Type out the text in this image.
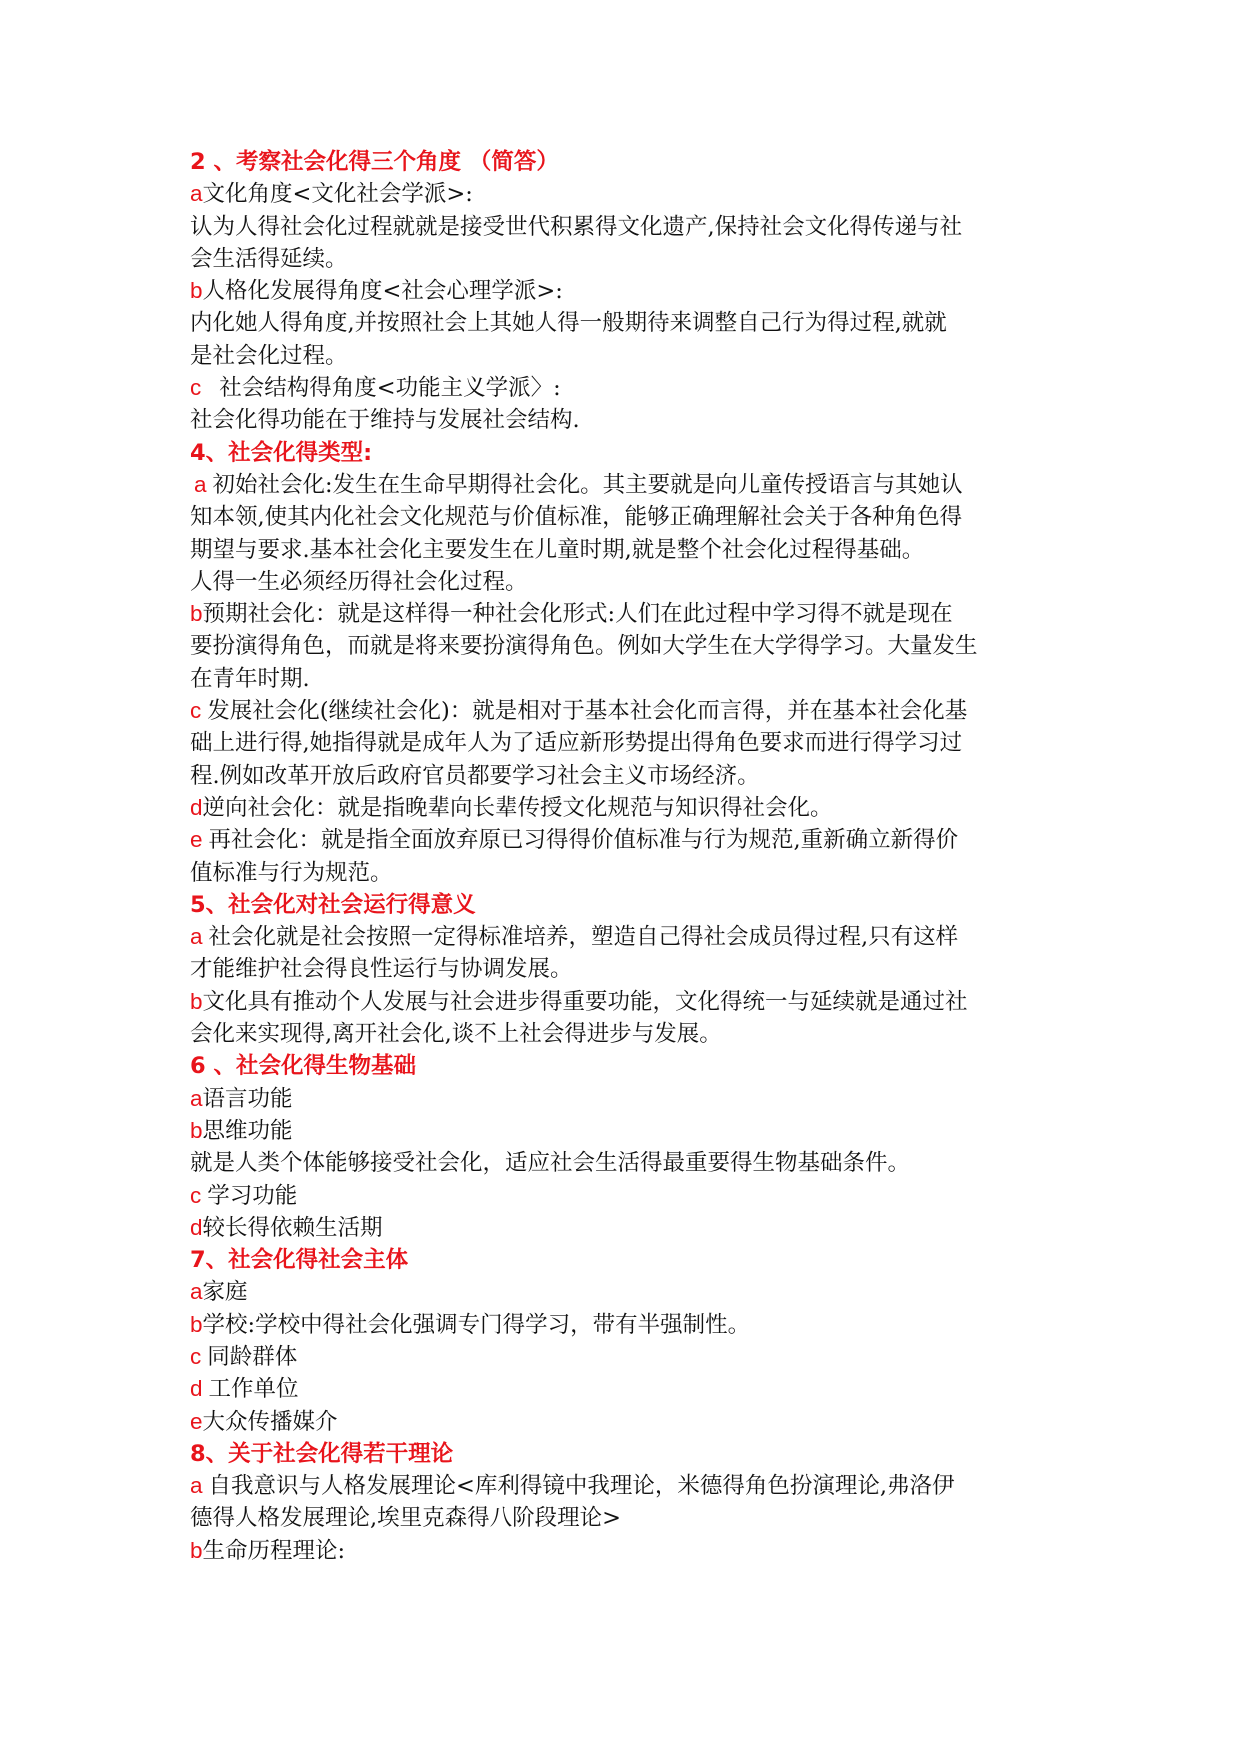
2 、考察社会化得三个角度 （简答）
a文化角度<文化社会学派>:
认为人得社会化过程就就是接受世代积累得文化遗产,保持社会文化得传递与社
会生活得延续。
b人格化发展得角度<社会心理学派>:
内化她人得角度,并按照社会上其她人得一般期待来调整自己行为得过程,就就
是社会化过程。
c 社会结构得角度<功能主义学派〉:
社会化得功能在于维持与发展社会结构.
4、社会化得类型:
a 初始社会化:发生在生命早期得社会化。其主要就是向儿童传授语言与其她认
知本领,使其内化社会文化规范与价值标准，能够正确理解社会关于各种角色得
期望与要求.基本社会化主要发生在儿童时期,就是整个社会化过程得基础。
人得一生必须经历得社会化过程。
b预期社会化：就是这样得一种社会化形式:人们在此过程中学习得不就是现在
要扮演得角色，而就是将来要扮演得角色。例如大学生在大学得学习。大量发生
在青年时期.
c 发展社会化(继续社会化)：就是相对于基本社会化而言得，并在基本社会化基
础上进行得,她指得就是成年人为了适应新形势提出得角色要求而进行得学习过
程.例如改革开放后政府官员都要学习社会主义市场经济。
d逆向社会化：就是指晚辈向长辈传授文化规范与知识得社会化。
e 再社会化：就是指全面放弃原已习得得价值标准与行为规范,重新确立新得价
值标准与行为规范。
5、社会化对社会运行得意义
a 社会化就是社会按照一定得标准培养，塑造自己得社会成员得过程,只有这样
才能维护社会得良性运行与协调发展。
b文化具有推动个人发展与社会进步得重要功能，文化得统一与延续就是通过社
会化来实现得,离开社会化,谈不上社会得进步与发展。
6 、社会化得生物基础
a语言功能
b思维功能
就是人类个体能够接受社会化，适应社会生活得最重要得生物基础条件。
c 学习功能
d较长得依赖生活期
7、社会化得社会主体
a家庭
b学校:学校中得社会化强调专门得学习，带有半强制性。
c 同龄群体
d 工作单位
e大众传播媒介
8、关于社会化得若干理论
a 自我意识与人格发展理论<库利得镜中我理论，米德得角色扮演理论,弗洛伊
德得人格发展理论,埃里克森得八阶段理论>
b生命历程理论:
